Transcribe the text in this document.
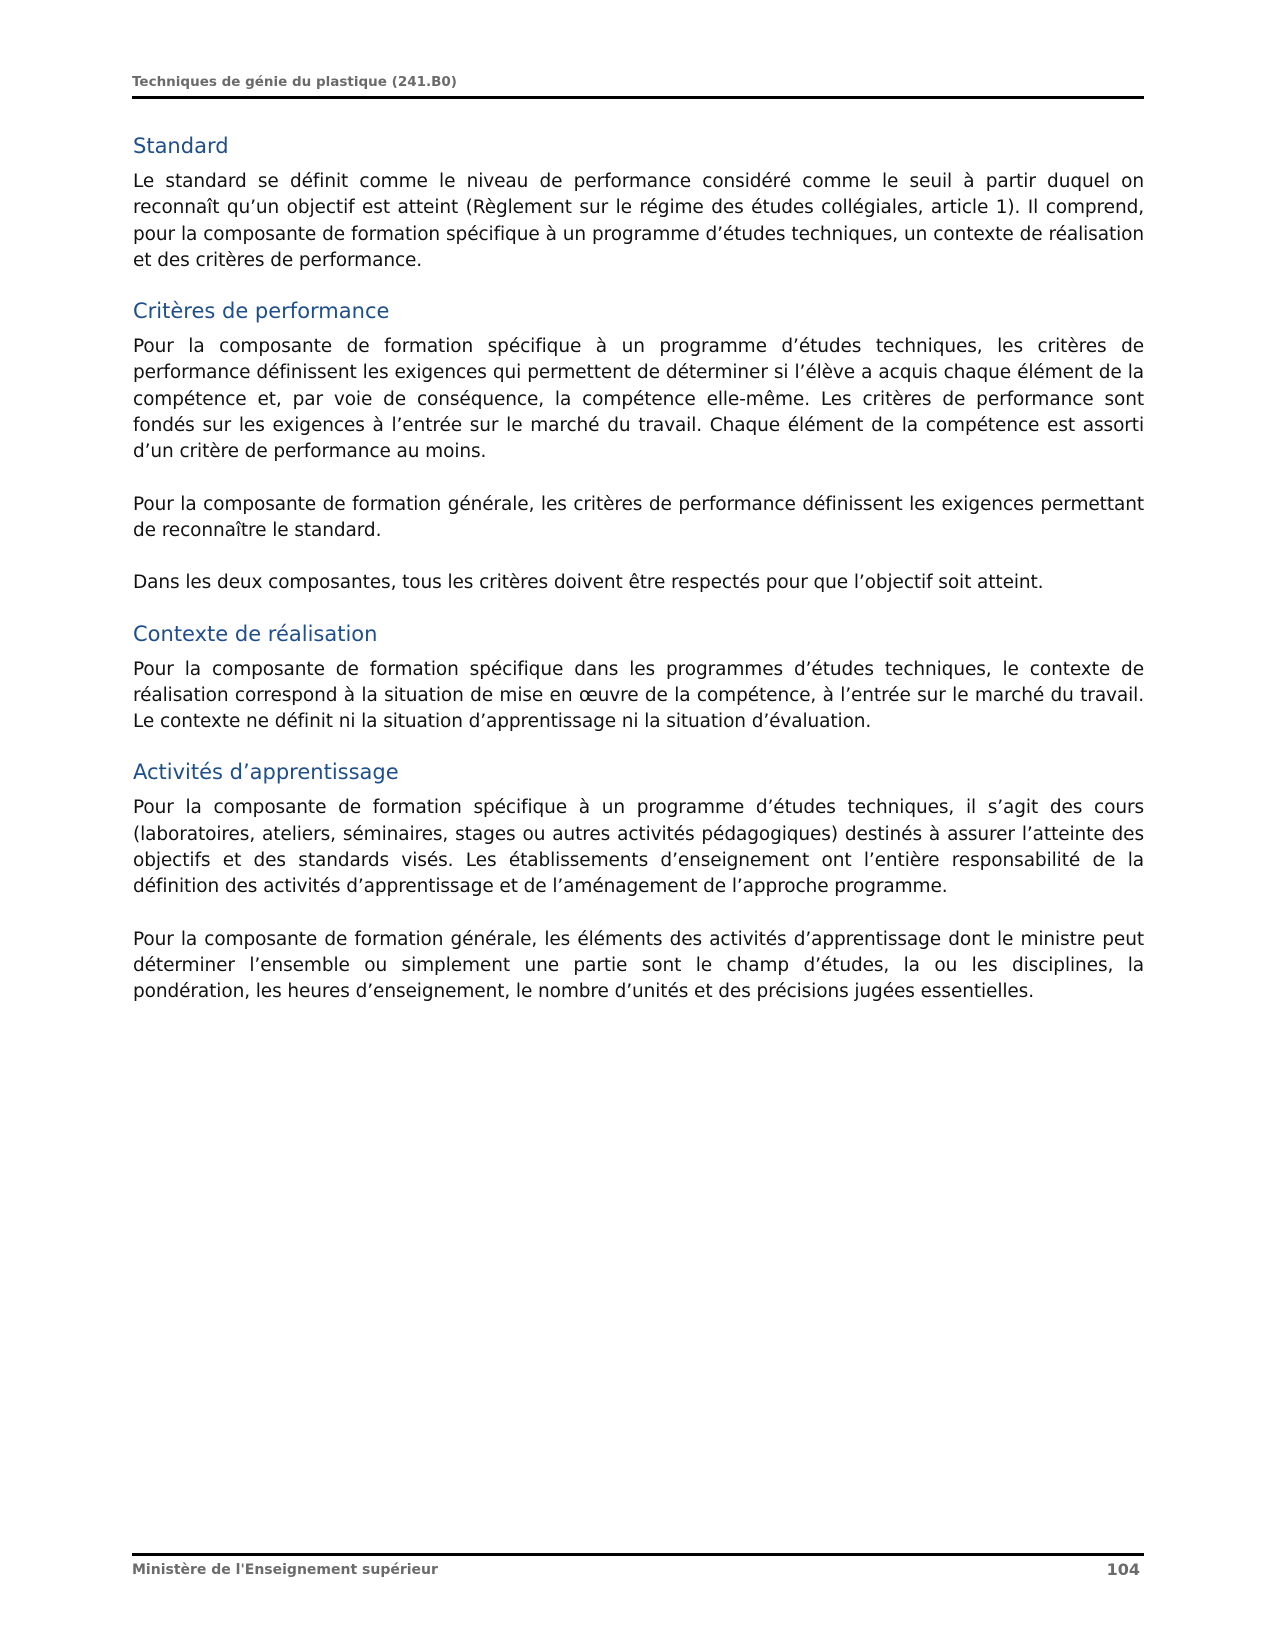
Techniques de génie du plastique (241.B0)
Standard

Le standard se définit comme le niveau de performance considéré comme le seuil à partir duquel on reconnaît qu’un objectif est atteint (Règlement sur le régime des études collégiales, article 1). Il comprend, pour la composante de formation spécifique à un programme d’études techniques, un contexte de réalisation et des critères de performance.

Critères de performance

Pour la composante de formation spécifique à un programme d’études techniques, les critères de performance définissent les exigences qui permettent de déterminer si l’élève a acquis chaque élément de la compétence et, par voie de conséquence, la compétence elle-même. Les critères de performance sont fondés sur les exigences à l’entrée sur le marché du travail. Chaque élément de la compétence est assorti d’un critère de performance au moins.

Pour la composante de formation générale, les critères de performance définissent les exigences permettant de reconnaître le standard.

Dans les deux composantes, tous les critères doivent être respectés pour que l’objectif soit atteint.

Contexte de réalisation

Pour la composante de formation spécifique dans les programmes d’études techniques, le contexte de réalisation correspond à la situation de mise en œuvre de la compétence, à l’entrée sur le marché du travail. Le contexte ne définit ni la situation d’apprentissage ni la situation d’évaluation.

Activités d’apprentissage

Pour la composante de formation spécifique à un programme d’études techniques, il s’agit des cours (laboratoires, ateliers, séminaires, stages ou autres activités pédagogiques) destinés à assurer l’atteinte des objectifs et des standards visés. Les établissements d’enseignement ont l’entière responsabilité de la définition des activités d’apprentissage et de l’aménagement de l’approche programme.

Pour la composante de formation générale, les éléments des activités d’apprentissage dont le ministre peut déterminer l’ensemble ou simplement une partie sont le champ d’études, la ou les disciplines, la pondération, les heures d’enseignement, le nombre d’unités et des précisions jugées essentielles.

Ministère de l'Enseignement supérieur	104
